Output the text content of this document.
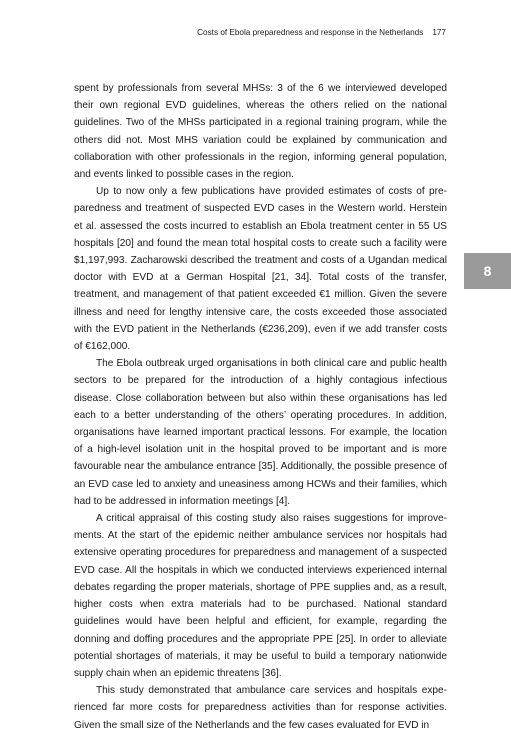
Costs of Ebola preparedness and response in the Netherlands 177

spent by professionals from several MHSs: 3 of the 6 we interviewed developed their own regional EVD guidelines, whereas the others relied on the national guidelines. Two of the MHSs participated in a regional training program, while the others did not. Most MHS variation could be explained by communication and collaboration with other professionals in the region, informing general population, and events linked to possible cases in the region.

Up to now only a few publications have provided estimates of costs of preparedness and treatment of suspected EVD cases in the Western world. Herstein et al. assessed the costs incurred to establish an Ebola treatment center in 55 US hospitals [20] and found the mean total hospital costs to create such a facility were $1,197,993. Zacharowski described the treatment and costs of a Ugandan medical doctor with EVD at a German Hospital [21, 34]. Total costs of the transfer, treatment, and management of that patient exceeded €1 million. Given the severe illness and need for lengthy intensive care, the costs exceeded those associated with the EVD patient in the Netherlands (€236,209), even if we add transfer costs of €162,000.

The Ebola outbreak urged organisations in both clinical care and public health sectors to be prepared for the introduction of a highly contagious infectious disease. Close collaboration between but also within these organisations has led each to a better understanding of the others’ operating procedures. In addition, organisations have learned important practical lessons. For example, the location of a high-level isolation unit in the hospital proved to be important and is more favourable near the ambulance entrance [35]. Additionally, the possible presence of an EVD case led to anxiety and uneasiness among HCWs and their families, which had to be addressed in information meetings [4].

A critical appraisal of this costing study also raises suggestions for improvements. At the start of the epidemic neither ambulance services nor hospitals had extensive operating procedures for preparedness and management of a suspected EVD case. All the hospitals in which we conducted interviews experienced internal debates regarding the proper materials, shortage of PPE supplies and, as a result, higher costs when extra materials had to be purchased. National standard guidelines would have been helpful and efficient, for example, regarding the donning and doffing procedures and the appropriate PPE [25]. In order to alleviate potential shortages of materials, it may be useful to build a temporary nationwide supply chain when an epidemic threatens [36].

This study demonstrated that ambulance care services and hospitals experienced far more costs for preparedness activities than for response activities. Given the small size of the Netherlands and the few cases evaluated for EVD in

8
